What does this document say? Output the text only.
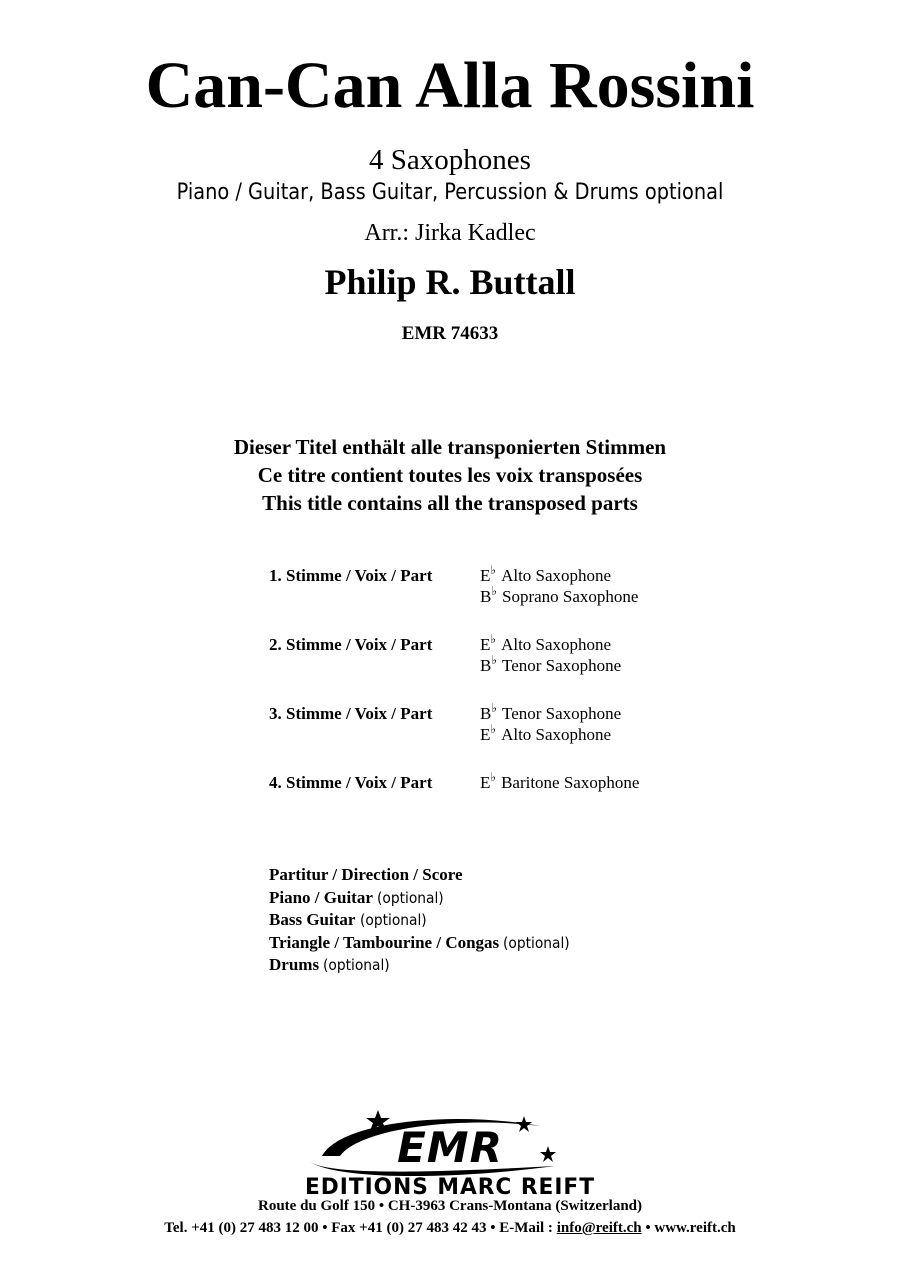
Can-Can Alla Rossini
4 Saxophones
Piano / Guitar, Bass Guitar, Percussion & Drums optional
Arr.: Jirka Kadlec
Philip R. Buttall
EMR 74633
Dieser Titel enthält alle transponierten Stimmen
Ce titre contient toutes les voix transposées
This title contains all the transposed parts
1. Stimme / Voix / Part	E♭ Alto Saxophone
B♭ Soprano Saxophone
2. Stimme / Voix / Part	E♭ Alto Saxophone
B♭ Tenor Saxophone
3. Stimme / Voix / Part	B♭ Tenor Saxophone
E♭ Alto Saxophone
4. Stimme / Voix / Part	E♭ Baritone Saxophone
Partitur / Direction / Score
Piano / Guitar (optional)
Bass Guitar (optional)
Triangle / Tambourine / Congas (optional)
Drums (optional)
EMR
EDITIONS MARC REIFT
Route du Golf 150 • CH-3963 Crans-Montana (Switzerland)
Tel. +41 (0) 27 483 12 00 • Fax +41 (0) 27 483 42 43 • E-Mail : info@reift.ch • www.reift.ch
